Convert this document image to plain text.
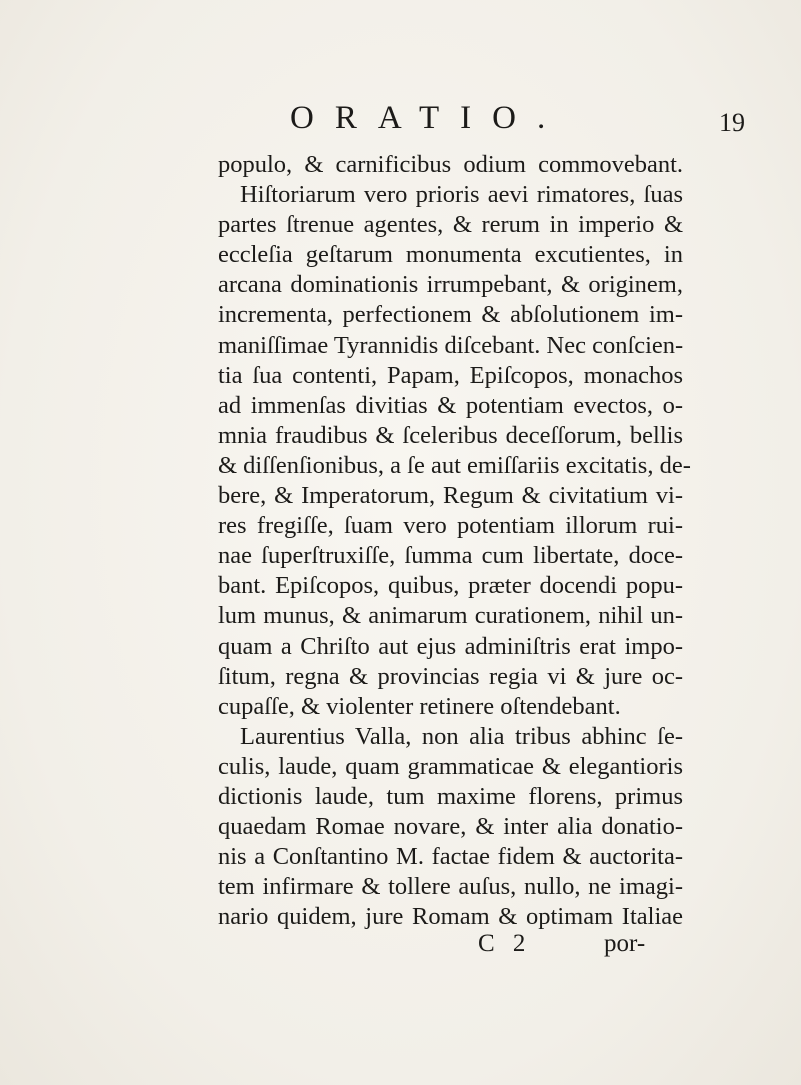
ORATIO.	19
populo, & carnificibus odium commovebant.
Hiſtoriarum vero prioris aevi rimatores, ſuas
partes ſtrenue agentes, & rerum in imperio &
eccleſia geſtarum monumenta excutientes, in
arcana dominationis irrumpebant, & originem,
incrementa, perfectionem & abſolutionem im-
maniſſimae Tyrannidis diſcebant. Nec conſcien-
tia ſua contenti, Papam, Epiſcopos, monachos
ad immenſas divitias & potentiam evectos, o-
mnia fraudibus & ſceleribus deceſſorum, bellis
& diſſenſionibus, a ſe aut emiſſariis excitatis, de-
bere, & Imperatorum, Regum & civitatium vi-
res fregiſſe, ſuam vero potentiam illorum rui-
nae ſuperſtruxiſſe, ſumma cum libertate, doce-
bant. Epiſcopos, quibus, præter docendi popu-
lum munus, & animarum curationem, nihil un-
quam a Chriſto aut ejus adminiſtris erat impo-
ſitum, regna & provincias regia vi & jure oc-
cupaſſe, & violenter retinere oſtendebant.
Laurentius Valla, non alia tribus abhinc ſe-
culis, laude, quam grammaticae & elegantioris
dictionis laude, tum maxime florens, primus
quaedam Romae novare, & inter alia donatio-
nis a Conſtantino M. factae fidem & auctorita-
tem infirmare & tollere auſus, nullo, ne imagi-
nario quidem, jure Romam & optimam Italiae
C 2	por-
